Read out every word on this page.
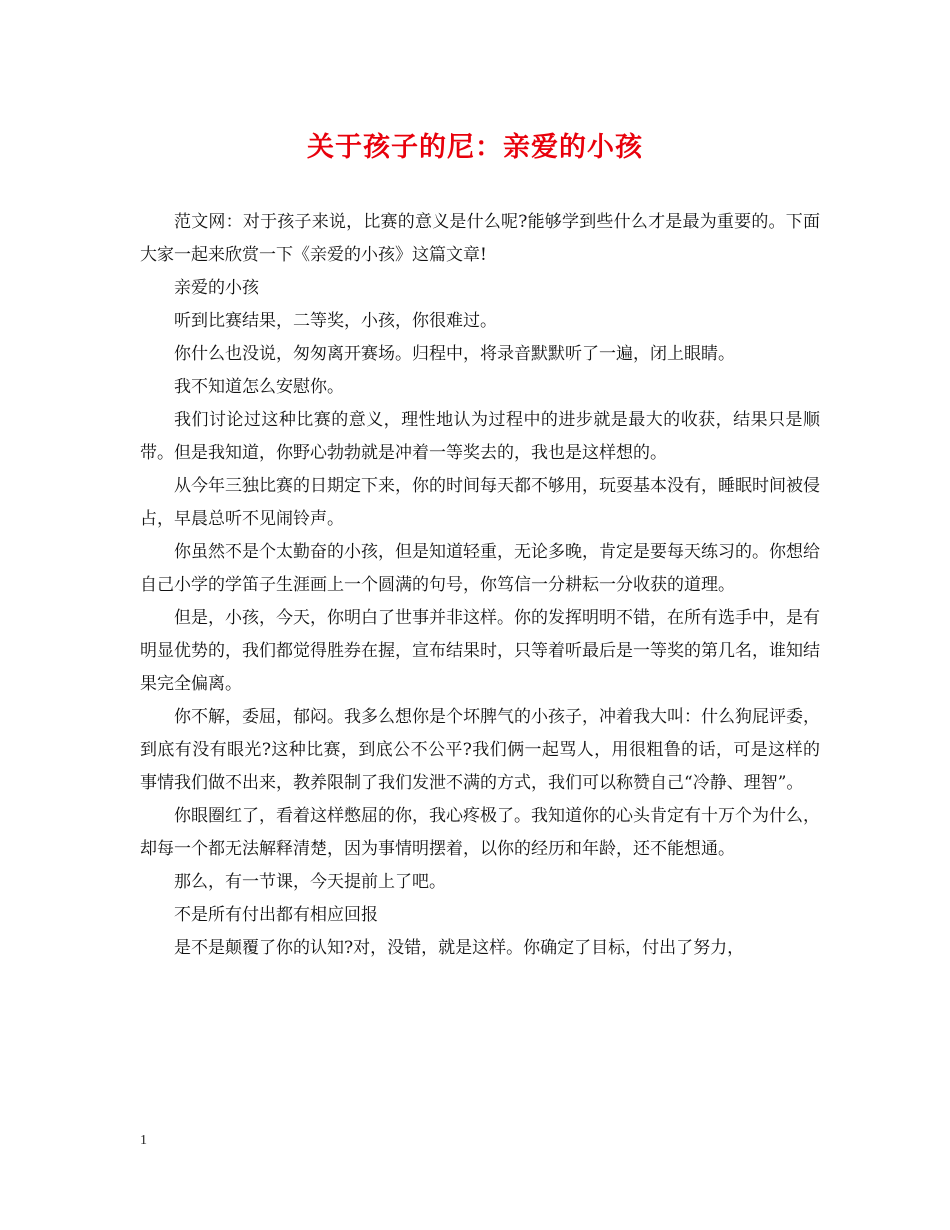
关于孩子的尼：亲爱的小孩

范文网：对于孩子来说，比赛的意义是什么呢?能够学到些什么才是最为重要的。下面大家一起来欣赏一下《亲爱的小孩》这篇文章!

亲爱的小孩

听到比赛结果，二等奖，小孩，你很难过。

你什么也没说，匆匆离开赛场。归程中，将录音默默听了一遍，闭上眼睛。

我不知道怎么安慰你。

我们讨论过这种比赛的意义，理性地认为过程中的进步就是最大的收获，结果只是顺带。但是我知道，你野心勃勃就是冲着一等奖去的，我也是这样想的。

从今年三独比赛的日期定下来，你的时间每天都不够用，玩耍基本没有，睡眠时间被侵占，早晨总听不见闹铃声。

你虽然不是个太勤奋的小孩，但是知道轻重，无论多晚，肯定是要每天练习的。你想给自己小学的学笛子生涯画上一个圆满的句号，你笃信一分耕耘一分收获的道理。

但是，小孩，今天，你明白了世事并非这样。你的发挥明明不错，在所有选手中，是有明显优势的，我们都觉得胜券在握，宣布结果时，只等着听最后是一等奖的第几名，谁知结果完全偏离。

你不解，委屈，郁闷。我多么想你是个坏脾气的小孩子，冲着我大叫：什么狗屁评委，到底有没有眼光?这种比赛，到底公不公平?我们俩一起骂人，用很粗鲁的话，可是这样的事情我们做不出来，教养限制了我们发泄不满的方式，我们可以称赞自己“冷静、理智”。

你眼圈红了，看着这样憋屈的你，我心疼极了。我知道你的心头肯定有十万个为什么，却每一个都无法解释清楚，因为事情明摆着，以你的经历和年龄，还不能想通。

那么，有一节课，今天提前上了吧。

不是所有付出都有相应回报

是不是颠覆了你的认知?对，没错，就是这样。你确定了目标，付出了努力，

1
